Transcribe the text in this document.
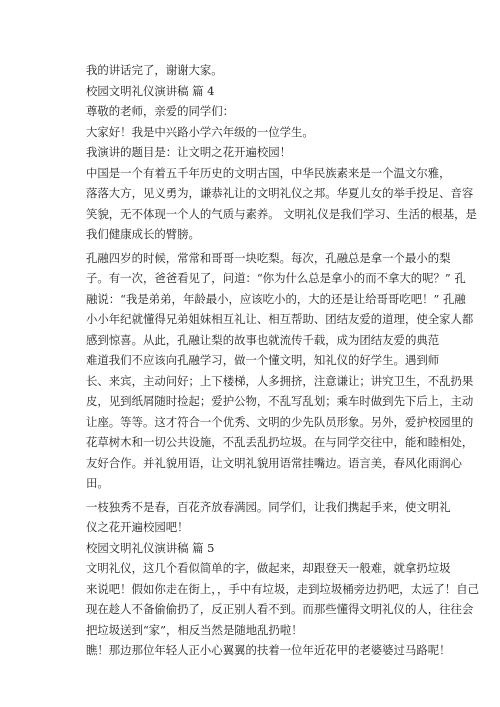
我的讲话完了，谢谢大家。

校园文明礼仪演讲稿 篇 4

尊敬的老师，亲爱的同学们：

大家好！我是中兴路小学六年级的一位学生。

我演讲的题目是：让文明之花开遍校园！

中国是一个有着五千年历史的文明古国，中华民族素来是一个温文尔雅，

落落大方，见义勇为，谦恭礼让的文明礼仪之邦。华夏儿女的举手投足、音容

笑貌，无不体现一个人的气质与素养。 文明礼仪是我们学习、生活的根基，是

我们健康成长的臂膀。

孔融四岁的时候，常常和哥哥一块吃梨。每次，孔融总是拿一个最小的梨

子。有一次，爸爸看见了，问道：“你为什么总是拿小的而不拿大的呢？” 孔

融说：“我是弟弟，年龄最小，应该吃小的，大的还是让给哥哥吃吧！” 孔融

小小年纪就懂得兄弟姐妹相互礼让、相互帮助、团结友爱的道理，使全家人都

感到惊喜。从此，孔融让梨的故事也就流传千载，成为团结友爱的典范

难道我们不应该向孔融学习，做一个懂文明，知礼仪的好学生。遇到师

长、来宾，主动问好；上下楼梯，人多拥挤，注意谦让；讲究卫生，不乱扔果

皮，见到纸屑随时捡起；爱护公物，不乱写乱划；乘车时做到先下后上，主动

让座。等等。这才符合一个优秀、文明的少先队员形象。另外，爱护校园里的

花草树木和一切公共设施，不乱丢乱扔垃圾。在与同学交往中，能和睦相处，

友好合作。并礼貌用语，让文明礼貌用语常挂嘴边。语言美，春风化雨润心

田。

一枝独秀不是春，百花齐放春满园。同学们，让我们携起手来，使文明礼

仪之花开遍校园吧！

校园文明礼仪演讲稿 篇 5

文明礼仪，这几个看似简单的字，做起来，却跟登天一般难，就拿扔垃圾

来说吧！假如你走在街上，，手中有垃圾，走到垃圾桶旁边扔吧，太远了！自己

现在趁人不备偷偷扔了，反正别人看不到。而那些懂得文明礼仪的人，往往会

把垃圾送到“家”，相反当然是随地乱扔啦！

瞧！那边那位年轻人正小心翼翼的扶着一位年近花甲的老婆婆过马路呢！
